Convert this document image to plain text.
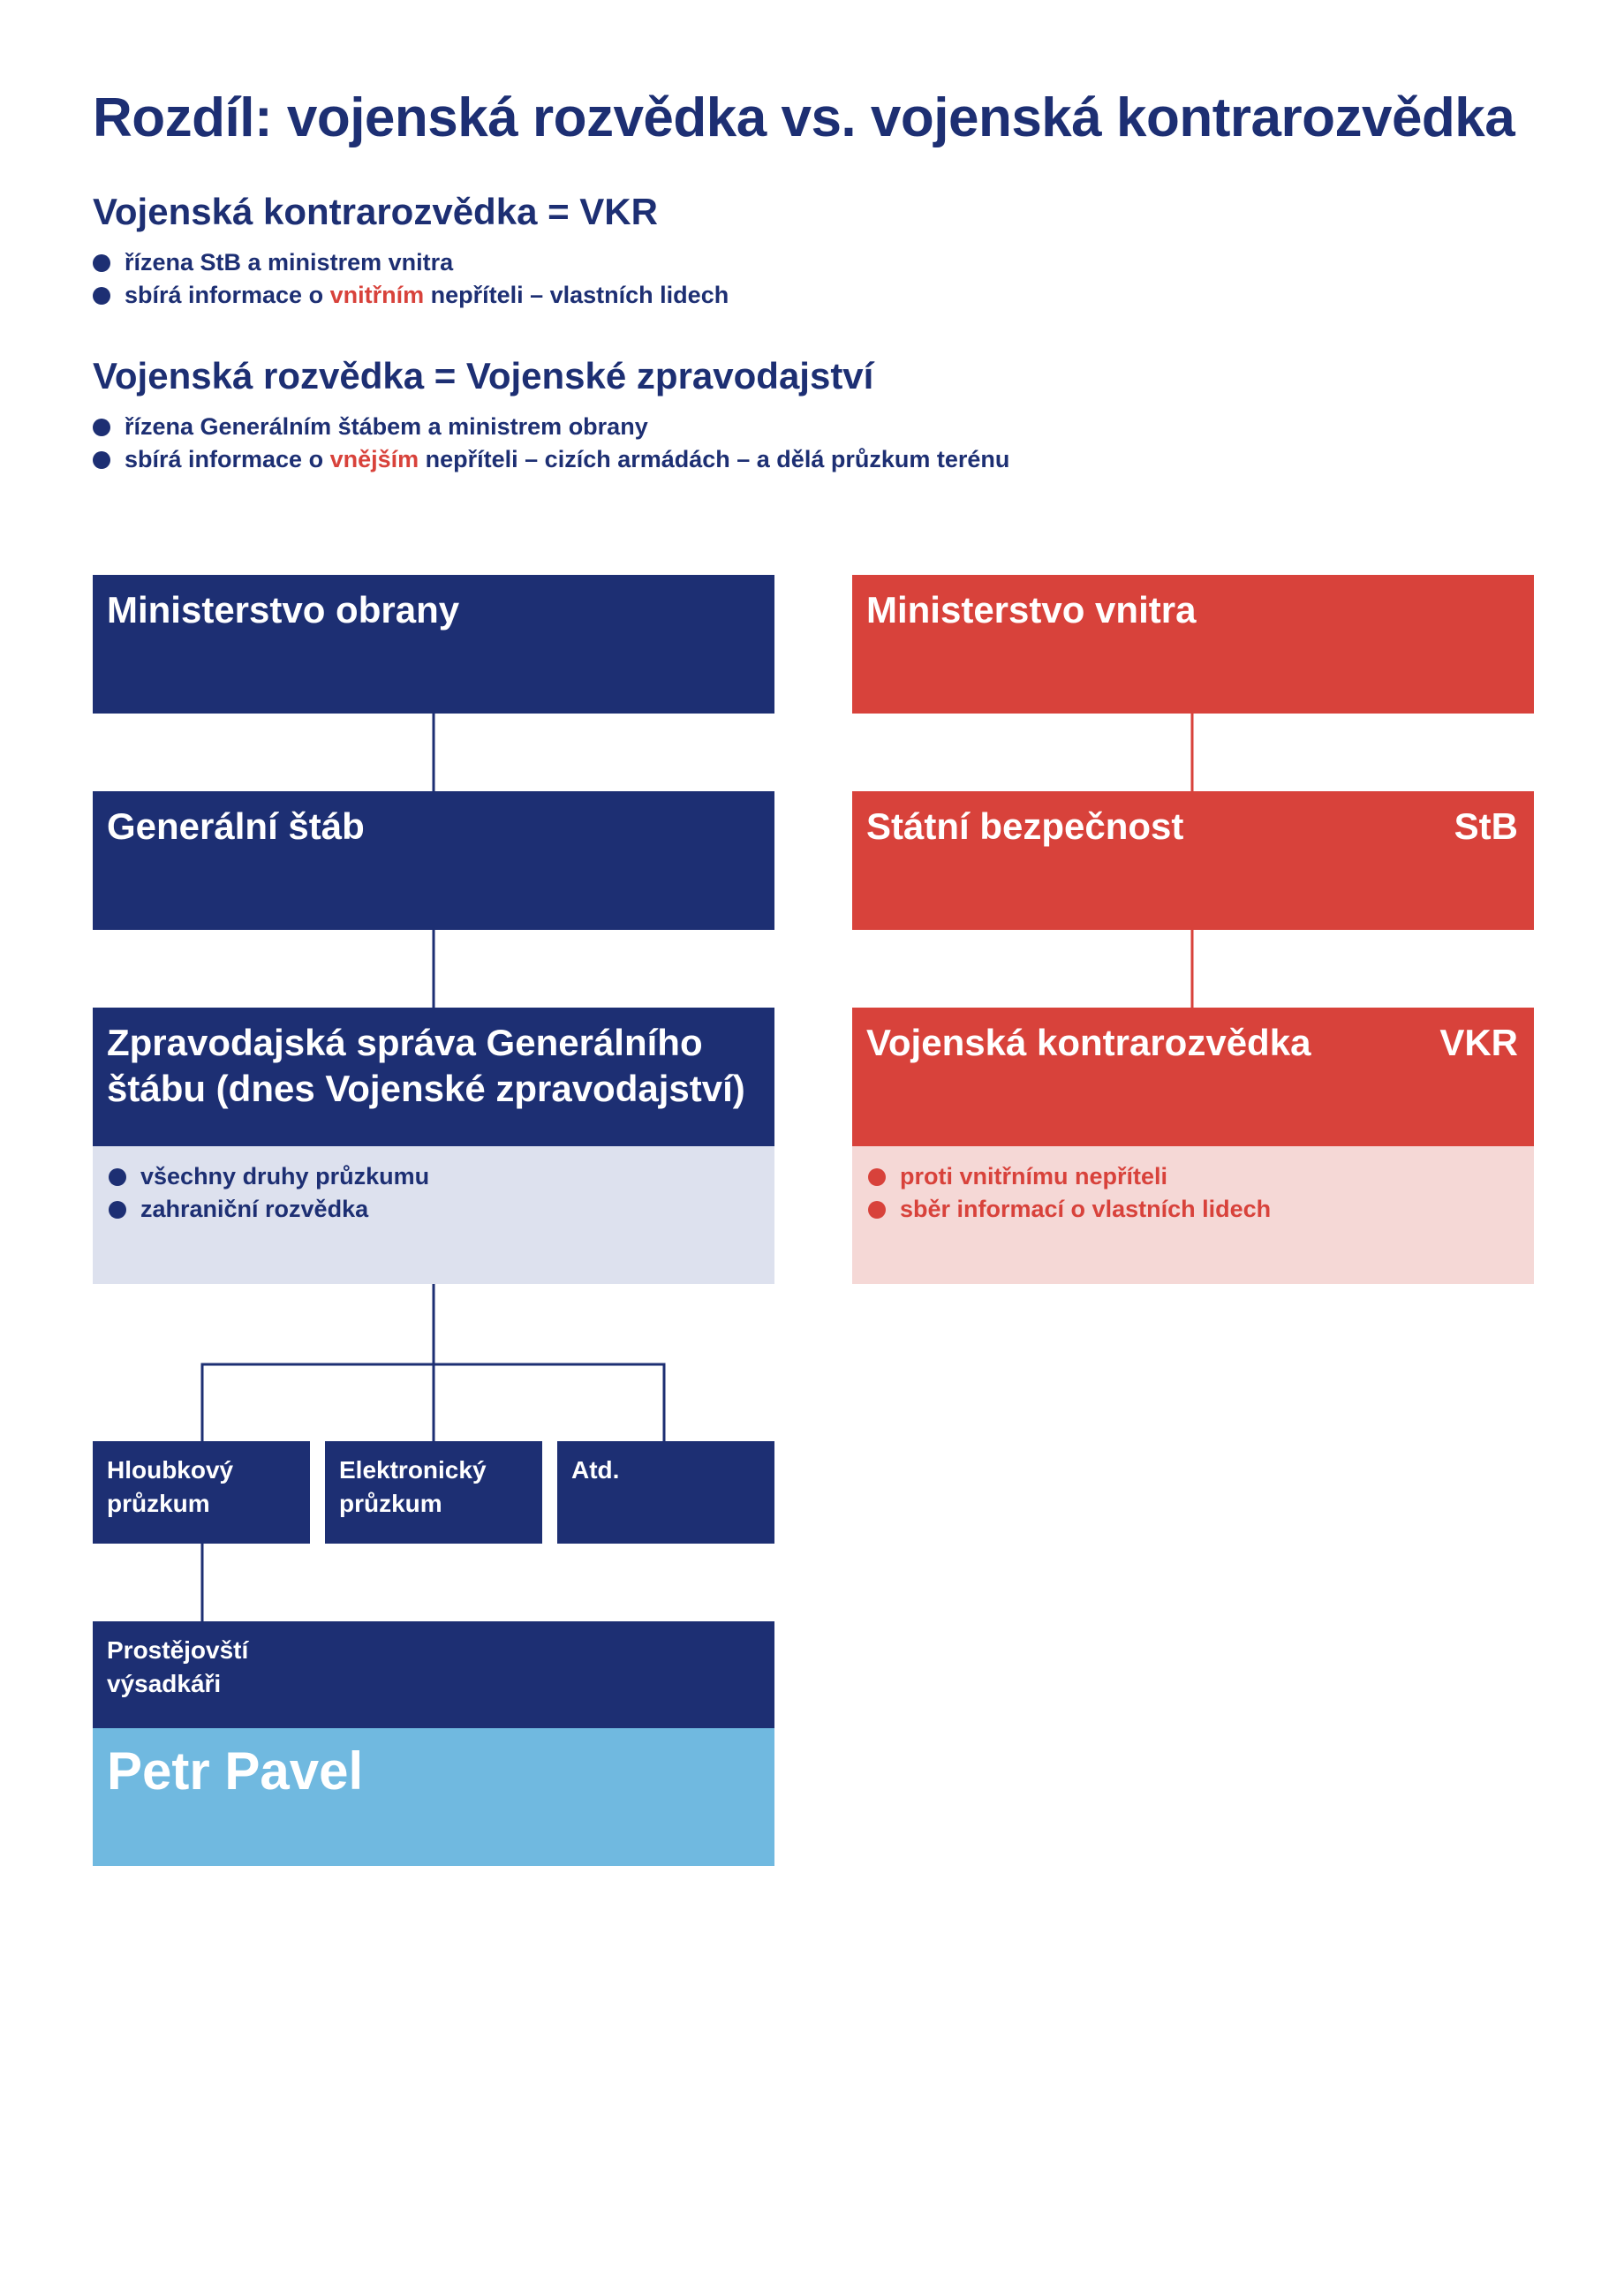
Rozdíl: vojenská rozvědka vs. vojenská kontrarozvědka
Vojenská kontrarozvědka = VKR
řízena StB a ministrem vnitra
sbírá informace o vnitřním nepříteli – vlastních lidech
Vojenská rozvědka = Vojenské zpravodajství
řízena Generálním štábem a ministrem obrany
sbírá informace o vnějším nepříteli – cizích armádách – a dělá průzkum terénu
Ministerstvo obrany
Generální štáb
Zpravodajská správa Generálního
štábu (dnes Vojenské zpravodajství)
všechny druhy průzkumu
zahraniční rozvědka
Hloubkový
průzkum
Elektronický
průzkum
Atd.
Prostějovští
výsadkáři
Petr Pavel
Ministerstvo vnitra
Státní bezpečnost	StB
Vojenská kontrarozvědka	VKR
proti vnitřnímu nepříteli
sběr informací o vlastních lidech
